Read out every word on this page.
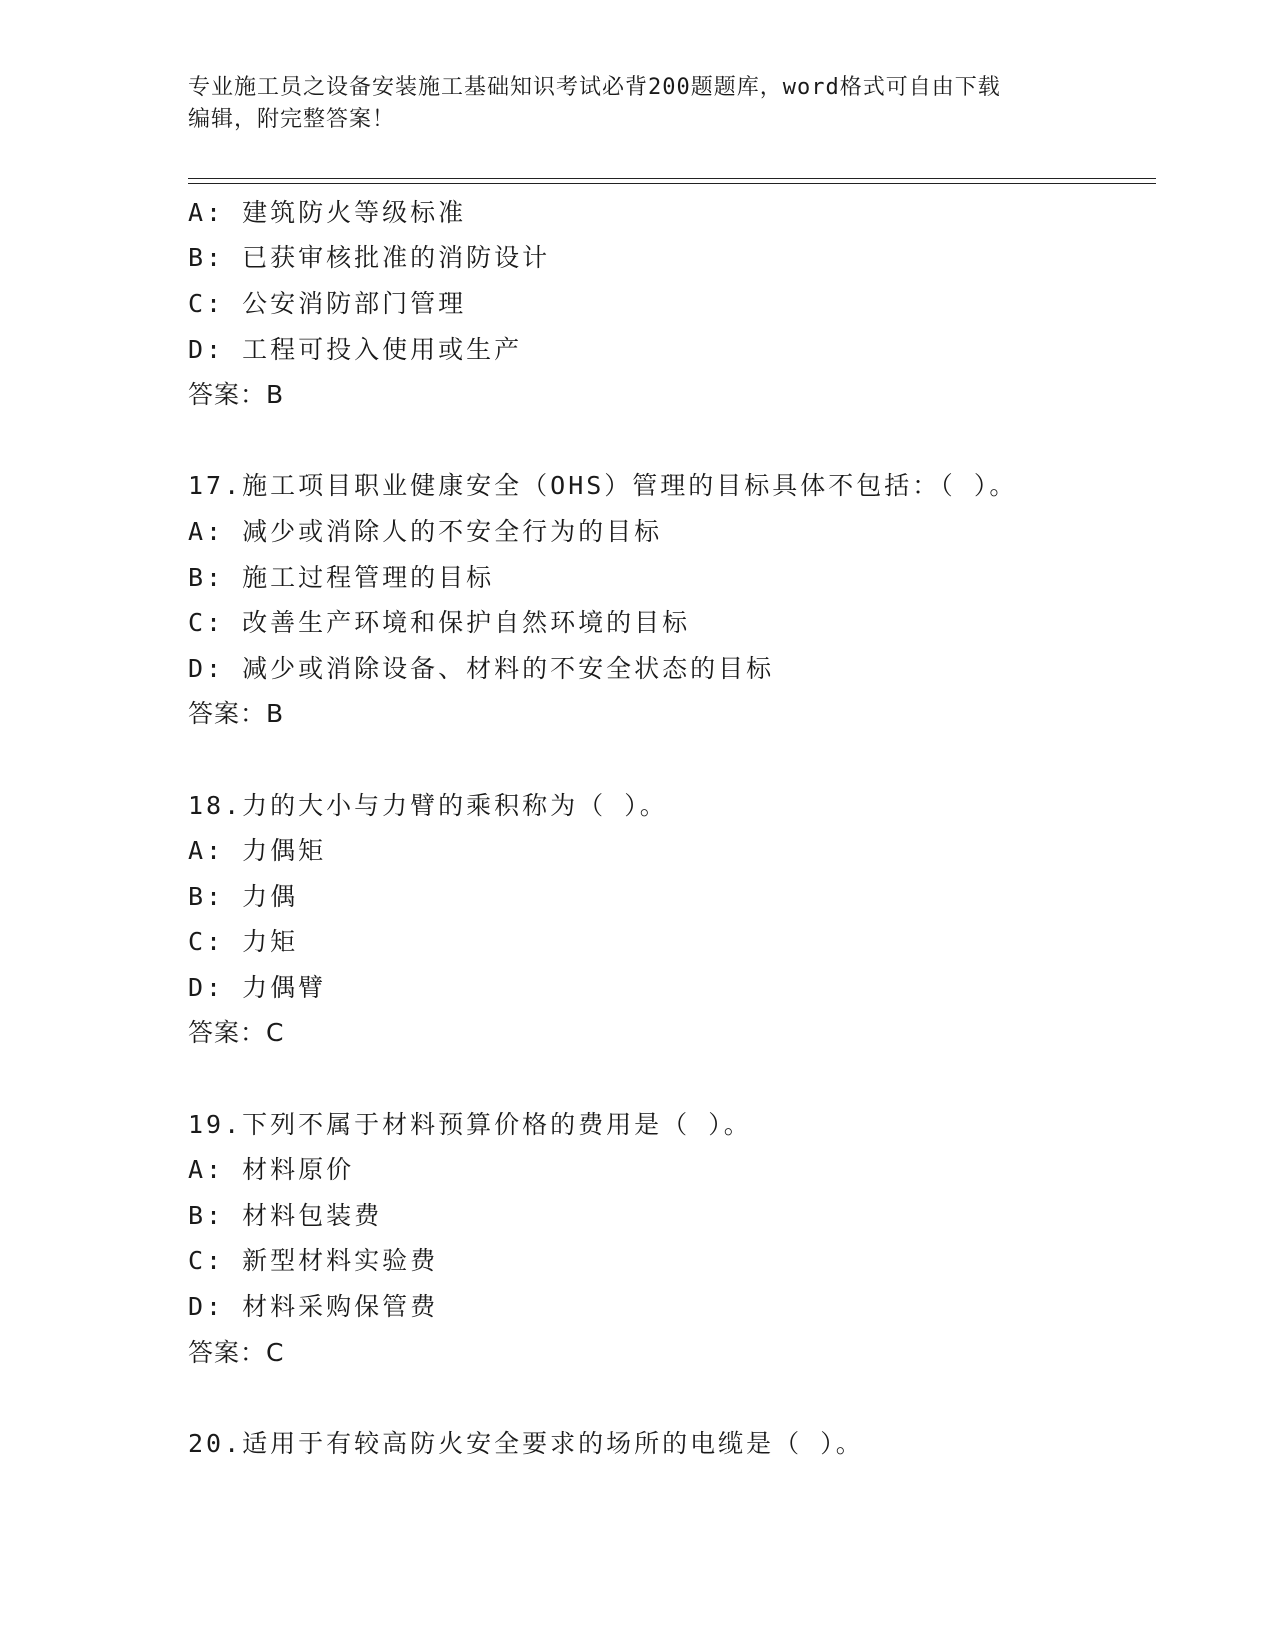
专业施工员之设备安装施工基础知识考试必背200题题库，word格式可自由下载
编辑，附完整答案！
A: 建筑防火等级标准
B: 已获审核批准的消防设计
C: 公安消防部门管理
D: 工程可投入使用或生产
答案：B
17.施工项目职业健康安全（OHS）管理的目标具体不包括：（ ）。
A: 减少或消除人的不安全行为的目标
B: 施工过程管理的目标
C: 改善生产环境和保护自然环境的目标
D: 减少或消除设备、材料的不安全状态的目标
答案：B
18.力的大小与力臂的乘积称为（ ）。
A: 力偶矩
B: 力偶
C: 力矩
D: 力偶臂
答案：C
19.下列不属于材料预算价格的费用是（ ）。
A: 材料原价
B: 材料包装费
C: 新型材料实验费
D: 材料采购保管费
答案：C
20.适用于有较高防火安全要求的场所的电缆是（ ）。
